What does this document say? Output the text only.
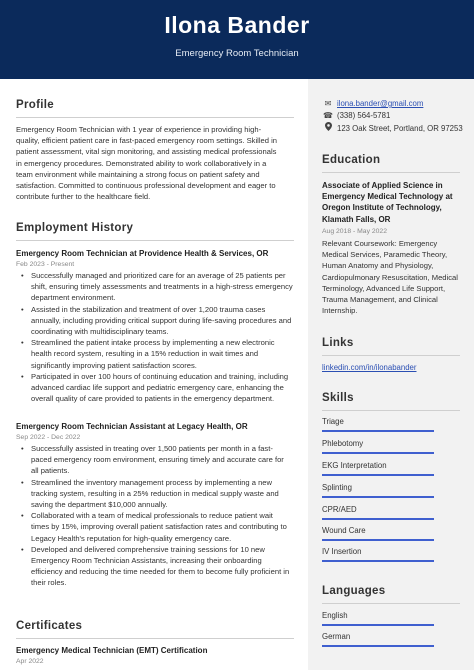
Ilona Bander
Emergency Room Technician
Profile
Emergency Room Technician with 1 year of experience in providing high-quality, efficient patient care in fast-paced emergency room settings. Skilled in patient assessment, vital sign monitoring, and assisting medical professionals in emergency procedures. Demonstrated ability to work collaboratively in a team environment while maintaining a strong focus on patient safety and satisfaction. Committed to continuous professional development and eager to contribute further to the healthcare field.
Employment History
Emergency Room Technician at Providence Health & Services, OR
Feb 2023 - Present
• Successfully managed and prioritized care for an average of 25 patients per shift, ensuring timely assessments and treatments in a high-stress emergency department environment.
• Assisted in the stabilization and treatment of over 1,200 trauma cases annually, including providing critical support during life-saving procedures and coordinating with multidisciplinary teams.
• Streamlined the patient intake process by implementing a new electronic health record system, resulting in a 15% reduction in wait times and significantly improving patient satisfaction scores.
• Participated in over 100 hours of continuing education and training, including advanced cardiac life support and pediatric emergency care, enhancing the overall quality of care provided to patients in the emergency department.
Emergency Room Technician Assistant at Legacy Health, OR
Sep 2022 - Dec 2022
• Successfully assisted in treating over 1,500 patients per month in a fast-paced emergency room environment, ensuring timely and accurate care for all patients.
• Streamlined the inventory management process by implementing a new tracking system, resulting in a 25% reduction in medical supply waste and saving the department $10,000 annually.
• Collaborated with a team of medical professionals to reduce patient wait times by 15%, improving overall patient satisfaction rates and contributing to Legacy Health's reputation for high-quality emergency care.
• Developed and delivered comprehensive training sessions for 10 new Emergency Room Technician Assistants, increasing their onboarding efficiency and reducing the time needed for them to become fully proficient in their roles.
Certificates
Emergency Medical Technician (EMT) Certification
Apr 2022
✉ ilona.bander@gmail.com
☎ (338) 564-5781
123 Oak Street, Portland, OR 97253
Education
Associate of Applied Science in Emergency Medical Technology at Oregon Institute of Technology, Klamath Falls, OR
Aug 2018 - May 2022
Relevant Coursework: Emergency Medical Services, Paramedic Theory, Human Anatomy and Physiology, Cardiopulmonary Resuscitation, Medical Terminology, Advanced Life Support, Trauma Management, and Clinical Internship.
Links
linkedin.com/in/ilonabander
Skills
Triage
Phlebotomy
EKG Interpretation
Splinting
CPR/AED
Wound Care
IV Insertion
Languages
English
German
